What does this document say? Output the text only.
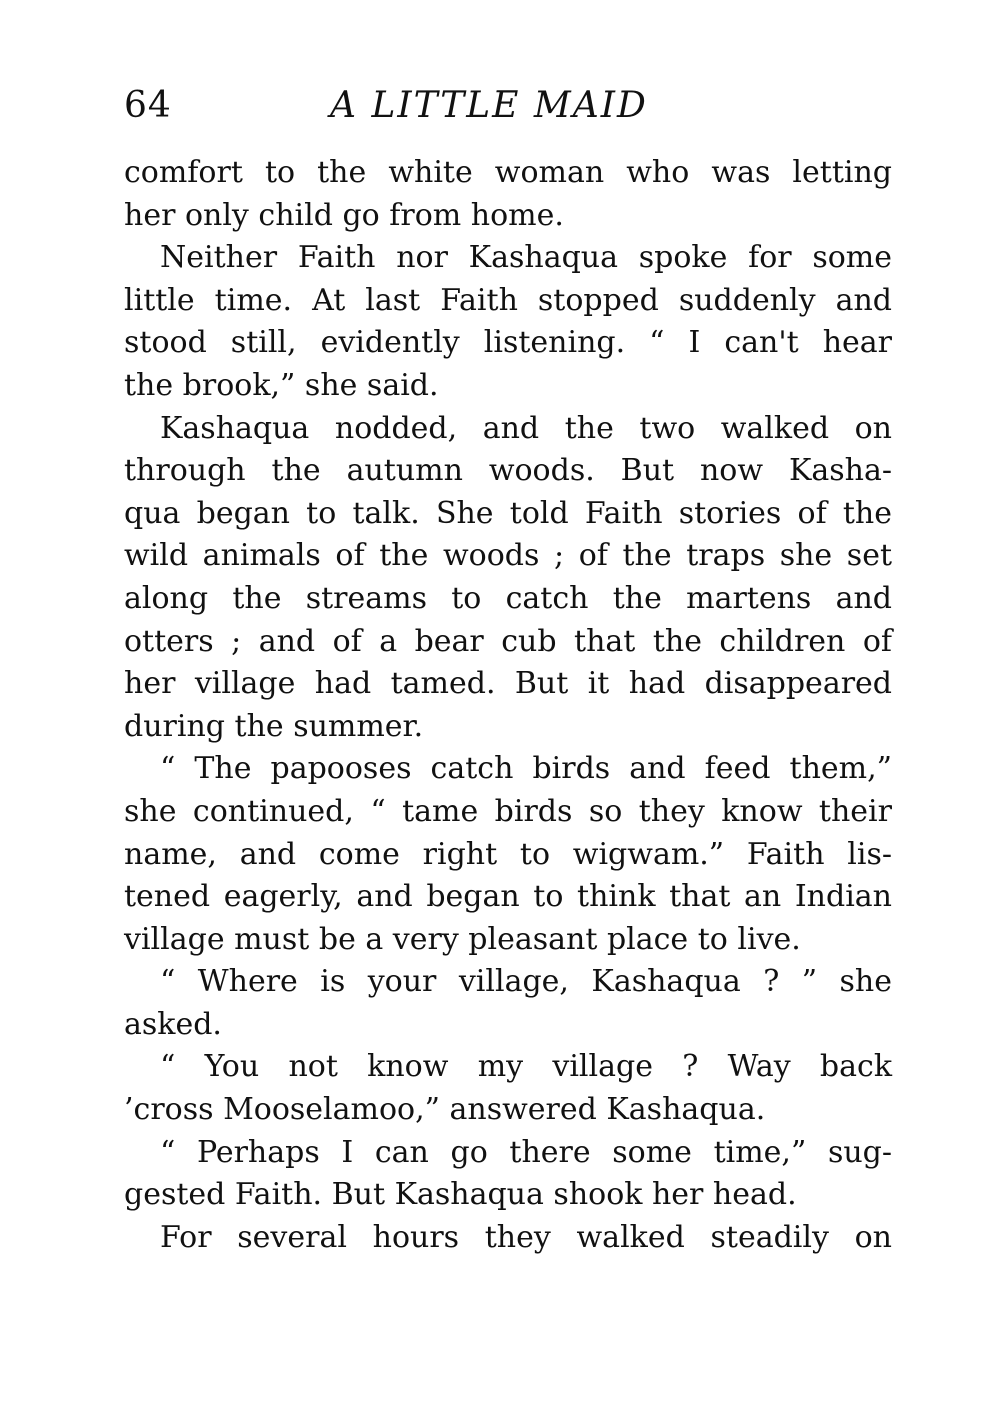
64	A LITTLE MAID
comfort to the white woman who was letting
her only child go from home.
Neither Faith nor Kashaqua spoke for some
little time. At last Faith stopped suddenly and
stood still, evidently listening. “ I can't hear
the brook,” she said.
Kashaqua nodded, and the two walked on
through the autumn woods. But now Kasha-
qua began to talk. She told Faith stories of the
wild animals of the woods ; of the traps she set
along the streams to catch the martens and
otters ; and of a bear cub that the children of
her village had tamed. But it had disappeared
during the summer.
“ The papooses catch birds and feed them,”
she continued, “ tame birds so they know their
name, and come right to wigwam.” Faith lis-
tened eagerly, and began to think that an Indian
village must be a very pleasant place to live.
“ Where is your village, Kashaqua ? ” she
asked.
“ You not know my village ? Way back
’cross Mooselamoo,” answered Kashaqua.
“ Perhaps I can go there some time,” sug-
gested Faith. But Kashaqua shook her head.
For several hours they walked steadily on
